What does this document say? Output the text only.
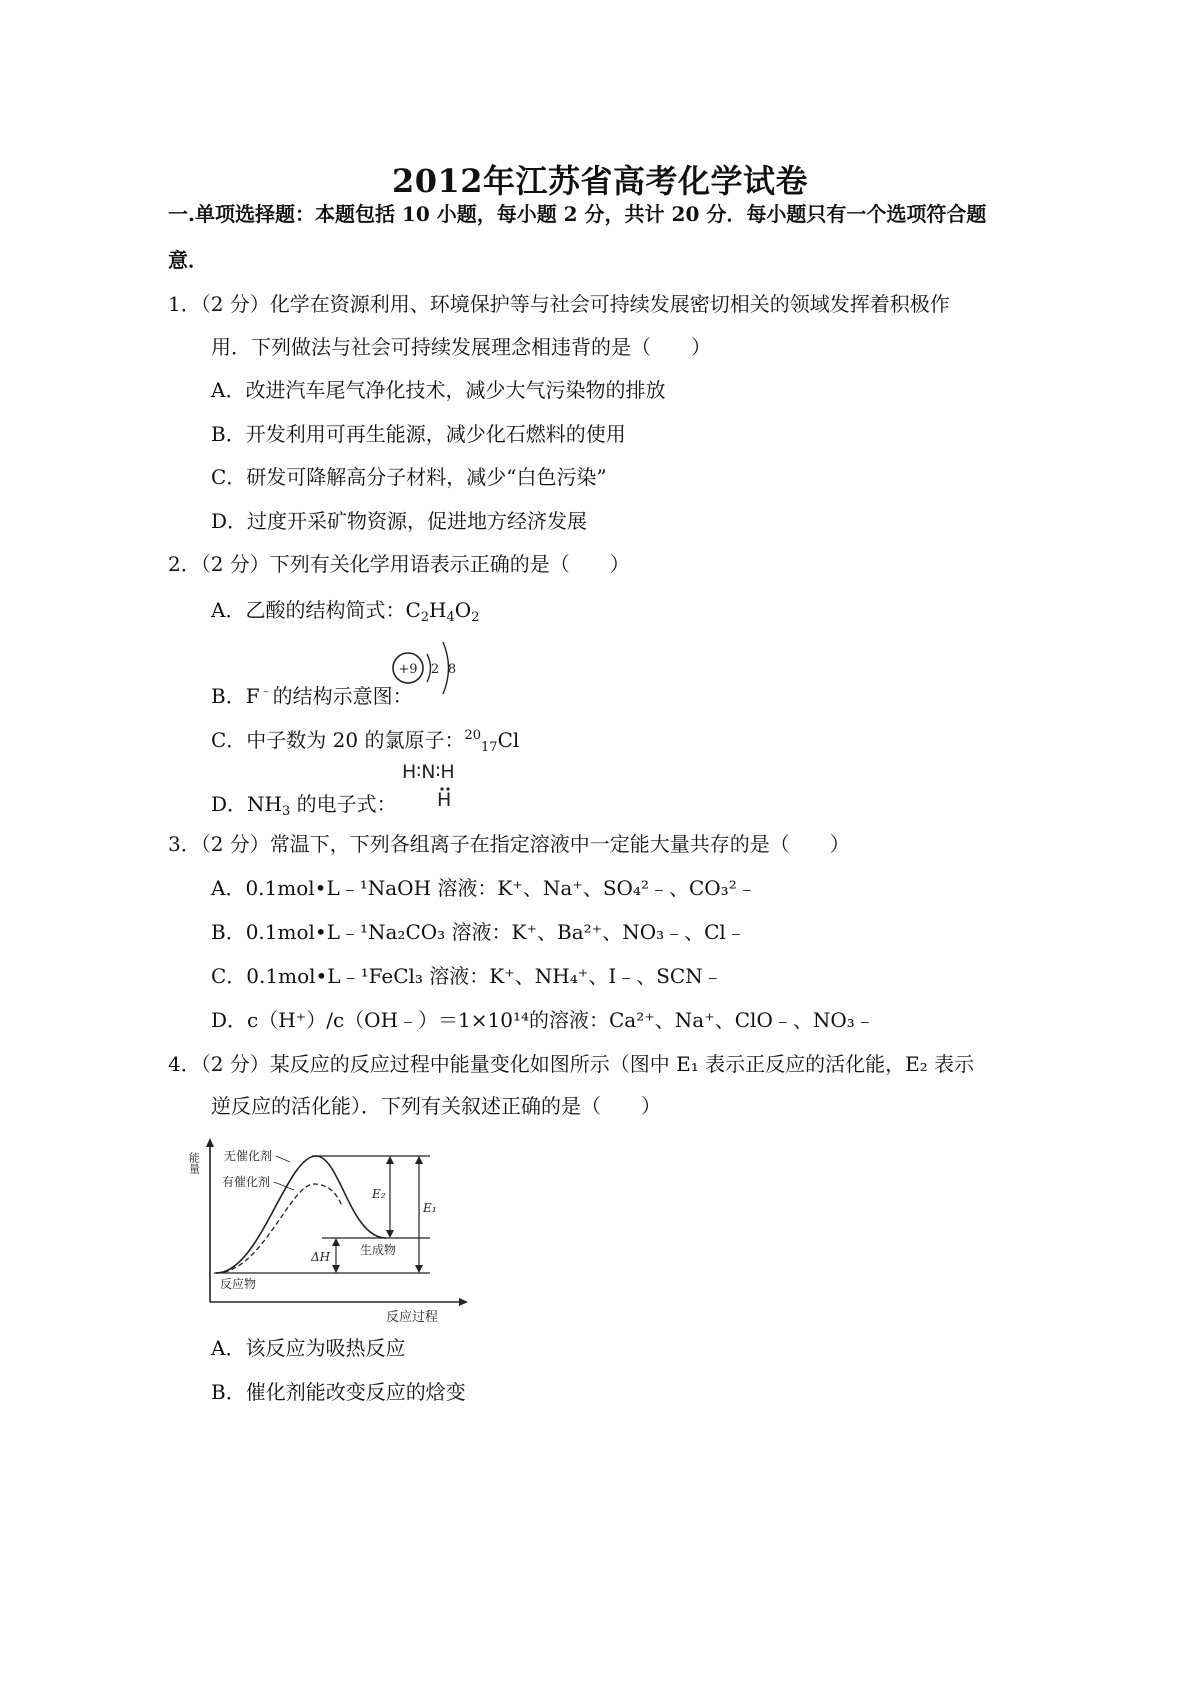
2012年江苏省高考化学试卷
一.单项选择题：本题包括 10 小题，每小题 2 分，共计 20 分．每小题只有一个选项符合题
意．
1．（2 分）化学在资源利用、环境保护等与社会可持续发展密切相关的领域发挥着积极作
用．下列做法与社会可持续发展理念相违背的是（　　）
A．改进汽车尾气净化技术，减少大气污染物的排放
B．开发利用可再生能源，减少化石燃料的使用
C．研发可降解高分子材料，减少“白色污染”
D．过度开采矿物资源，促进地方经济发展
2．（2 分）下列有关化学用语表示正确的是（　　）
A．乙酸的结构简式：$C_2H_4O_2$
B．F﹣的结构示意图：
+9 2 8
C．中子数为 20 的氯原子：$^{20}_{17}$Cl
D．$NH_3$ 的电子式：
H∶N∶H
H
3．（2 分）常温下，下列各组离子在指定溶液中一定能大量共存的是（　　）
A．0.1mol•L﹣¹NaOH 溶液：K⁺、Na⁺、SO₄²﹣、CO₃²﹣
B．0.1mol•L﹣¹Na₂CO₃ 溶液：K⁺、Ba²⁺、NO₃﹣、Cl﹣
C．0.1mol•L﹣¹FeCl₃ 溶液：K⁺、NH₄⁺、I﹣、SCN﹣
D．c（H⁺）/c（OH﹣）＝1×10¹⁴的溶液：Ca²⁺、Na⁺、ClO﹣、NO₃﹣
4．（2 分）某反应的反应过程中能量变化如图所示（图中 E₁ 表示正反应的活化能，E₂ 表示
逆反应的活化能）．下列有关叙述正确的是（　　）
能量
反应过程
E₂
E₁
ΔH
无催化剂
有催化剂
反应物
生成物
A．该反应为吸热反应
B．催化剂能改变反应的焓变
